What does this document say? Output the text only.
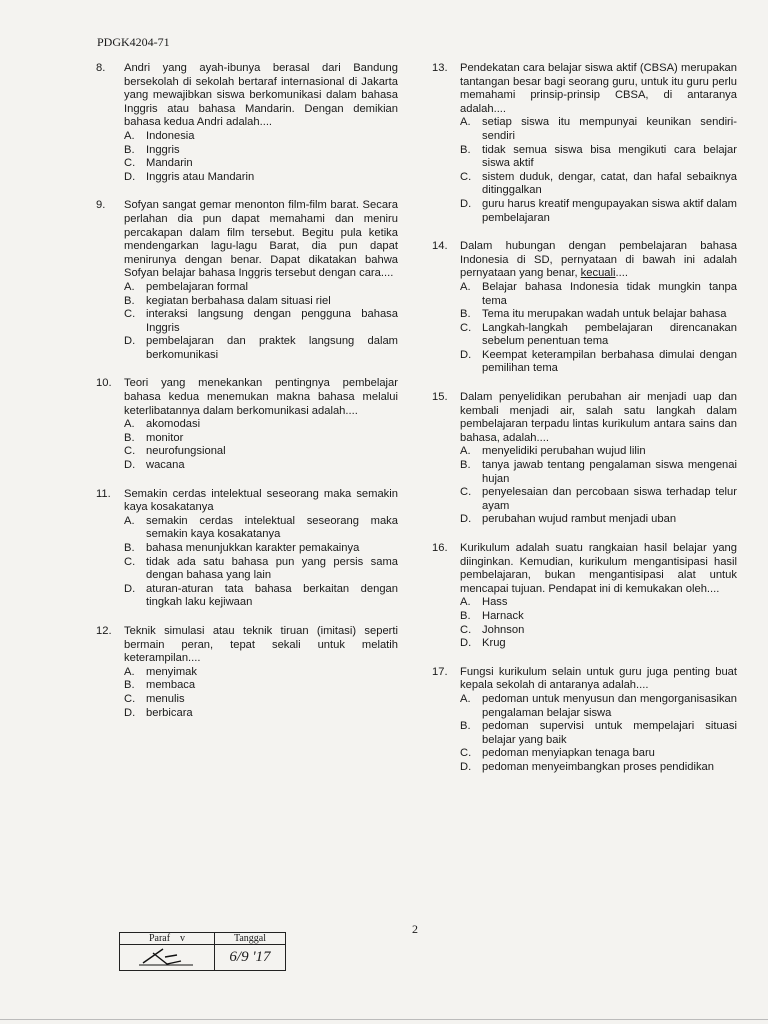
PDGK4204-71
8.	Andri yang ayah-ibunya berasal dari Bandung bersekolah di sekolah bertaraf internasional di Jakarta yang mewajibkan siswa berkomunikasi dalam bahasa Inggris atau bahasa Mandarin. Dengan demikian bahasa kedua Andri adalah....
A.	Indonesia
B.	Inggris
C. Mandarin
D. Inggris atau Mandarin
9.	Sofyan sangat gemar menonton film-film barat. Secara perlahan dia pun dapat memahami dan meniru percakapan dalam film tersebut. Begitu pula ketika mendengarkan lagu-lagu Barat, dia pun dapat menirunya dengan benar. Dapat dikatakan bahwa Sofyan belajar bahasa Inggris tersebut dengan cara....
A.	pembelajaran formal
B.	kegiatan berbahasa dalam situasi riel
C. interaksi langsung dengan pengguna bahasa Inggris
D. pembelajaran dan praktek langsung dalam berkomunikasi
10.	Teori yang menekankan pentingnya pembelajar bahasa kedua menemukan makna bahasa melalui keterlibatannya dalam berkomunikasi adalah....
A.	akomodasi
B.	monitor
C. neurofungsional
D. wacana
11.	Semakin cerdas intelektual seseorang maka semakin kaya kosakatanya
A.	semakin cerdas intelektual seseorang maka semakin kaya kosakatanya
B.	bahasa menunjukkan karakter pemakainya
C. tidak ada satu bahasa pun yang persis sama dengan bahasa yang lain
D. aturan-aturan tata bahasa berkaitan dengan tingkah laku kejiwaan
12.	Teknik simulasi atau teknik tiruan (imitasi) seperti bermain peran, tepat sekali untuk melatih keterampilan....
A.	menyimak
B.	membaca
C. menulis
D. berbicara
13.	Pendekatan cara belajar siswa aktif (CBSA) merupakan tantangan besar bagi seorang guru, untuk itu guru perlu memahami prinsip-prinsip CBSA, di antaranya adalah....
A.	setiap siswa itu mempunyai keunikan sendiri-sendiri
B.	tidak semua siswa bisa mengikuti cara belajar siswa aktif
C. sistem duduk, dengar, catat, dan hafal sebaiknya ditinggalkan
D. guru harus kreatif mengupayakan siswa aktif dalam pembelajaran
14.	Dalam hubungan dengan pembelajaran bahasa Indonesia di SD, pernyataan di bawah ini adalah pernyataan yang benar, kecuali....
A.	Belajar bahasa Indonesia tidak mungkin tanpa tema
B.	Tema itu merupakan wadah untuk belajar bahasa
C. Langkah-langkah pembelajaran direncanakan sebelum penentuan tema
D. Keempat keterampilan berbahasa dimulai dengan pemilihan tema
15.	Dalam penyelidikan perubahan air menjadi uap dan kembali menjadi air, salah satu langkah dalam pembelajaran terpadu lintas kurikulum antara sains dan bahasa, adalah....
A.	menyelidiki perubahan wujud lilin
B.	tanya jawab tentang pengalaman siswa mengenai hujan
C. penyelesaian dan percobaan siswa terhadap telur ayam
D. perubahan wujud rambut menjadi uban
16.	Kurikulum adalah suatu rangkaian hasil belajar yang diinginkan. Kemudian, kurikulum mengantisipasi hasil pembelajaran, bukan mengantisipasi alat untuk mencapai tujuan. Pendapat ini di kemukakan oleh....
A.	Hass
B.	Harnack
C. Johnson
D. Krug
17.	Fungsi kurikulum selain untuk guru juga penting buat kepala sekolah di antaranya adalah....
A.	pedoman untuk menyusun dan mengorganisasikan pengalaman belajar siswa
B.	pedoman supervisi untuk mempelajari situasi belajar yang baik
C. pedoman menyiapkan tenaga baru
D. pedoman menyeimbangkan proses pendidikan
2
Paraf v	Tanggal
	6/9 '17
